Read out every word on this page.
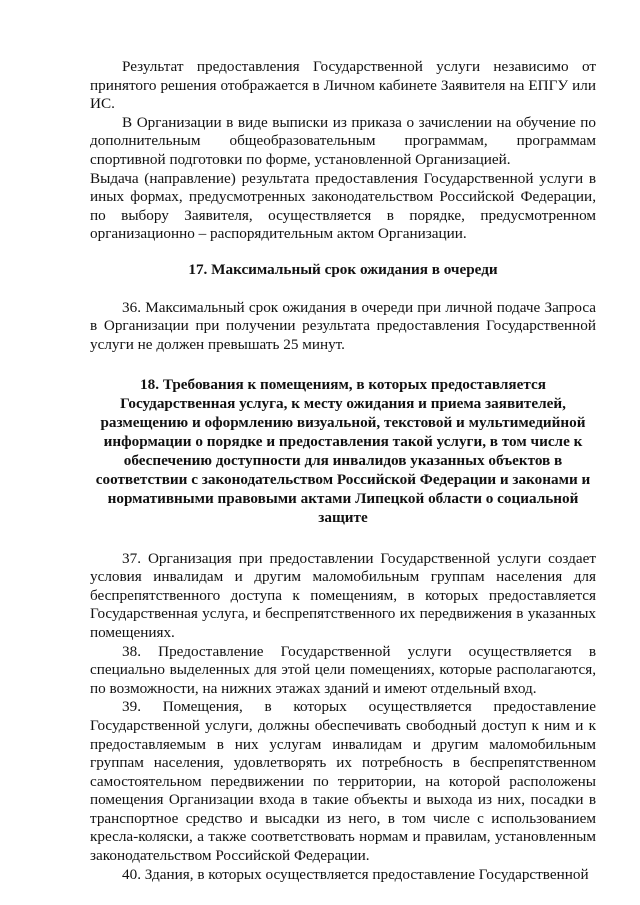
Результат предоставления Государственной услуги независимо от принятого решения отображается в Личном кабинете Заявителя на ЕПГУ или ИС.

В Организации в виде выписки из приказа о зачислении на обучение по дополнительным общеобразовательным программам, программам спортивной подготовки по форме, установленной Организацией.

Выдача (направление) результата предоставления Государственной услуги в иных формах, предусмотренных законодательством Российской Федерации, по выбору Заявителя, осуществляется в порядке, предусмотренном организационно – распорядительным актом Организации.

17. Максимальный срок ожидания в очереди

36. Максимальный срок ожидания в очереди при личной подаче Запроса в Организации при получении результата предоставления Государственной услуги не должен превышать 25 минут.

18. Требования к помещениям, в которых предоставляется Государственная услуга, к месту ожидания и приема заявителей, размещению и оформлению визуальной, текстовой и мультимедийной информации о порядке и предоставления такой услуги, в том числе к обеспечению доступности для инвалидов указанных объектов в соответствии с законодательством Российской Федерации и законами и нормативными правовыми актами Липецкой области о социальной защите

37. Организация при предоставлении Государственной услуги создает условия инвалидам и другим маломобильным группам населения для беспрепятственного доступа к помещениям, в которых предоставляется Государственная услуга, и беспрепятственного их передвижения в указанных помещениях.

38. Предоставление Государственной услуги осуществляется в специально выделенных для этой цели помещениях, которые располагаются, по возможности, на нижних этажах зданий и имеют отдельный вход.

39. Помещения, в которых осуществляется предоставление Государственной услуги, должны обеспечивать свободный доступ к ним и к предоставляемым в них услугам инвалидам и другим маломобильным группам населения, удовлетворять их потребность в беспрепятственном самостоятельном передвижении по территории, на которой расположены помещения Организации входа в такие объекты и выхода из них, посадки в транспортное средство и высадки из него, в том числе с использованием кресла-коляски, а также соответствовать нормам и правилам, установленным законодательством Российской Федерации.

40. Здания, в которых осуществляется предоставление Государственной
